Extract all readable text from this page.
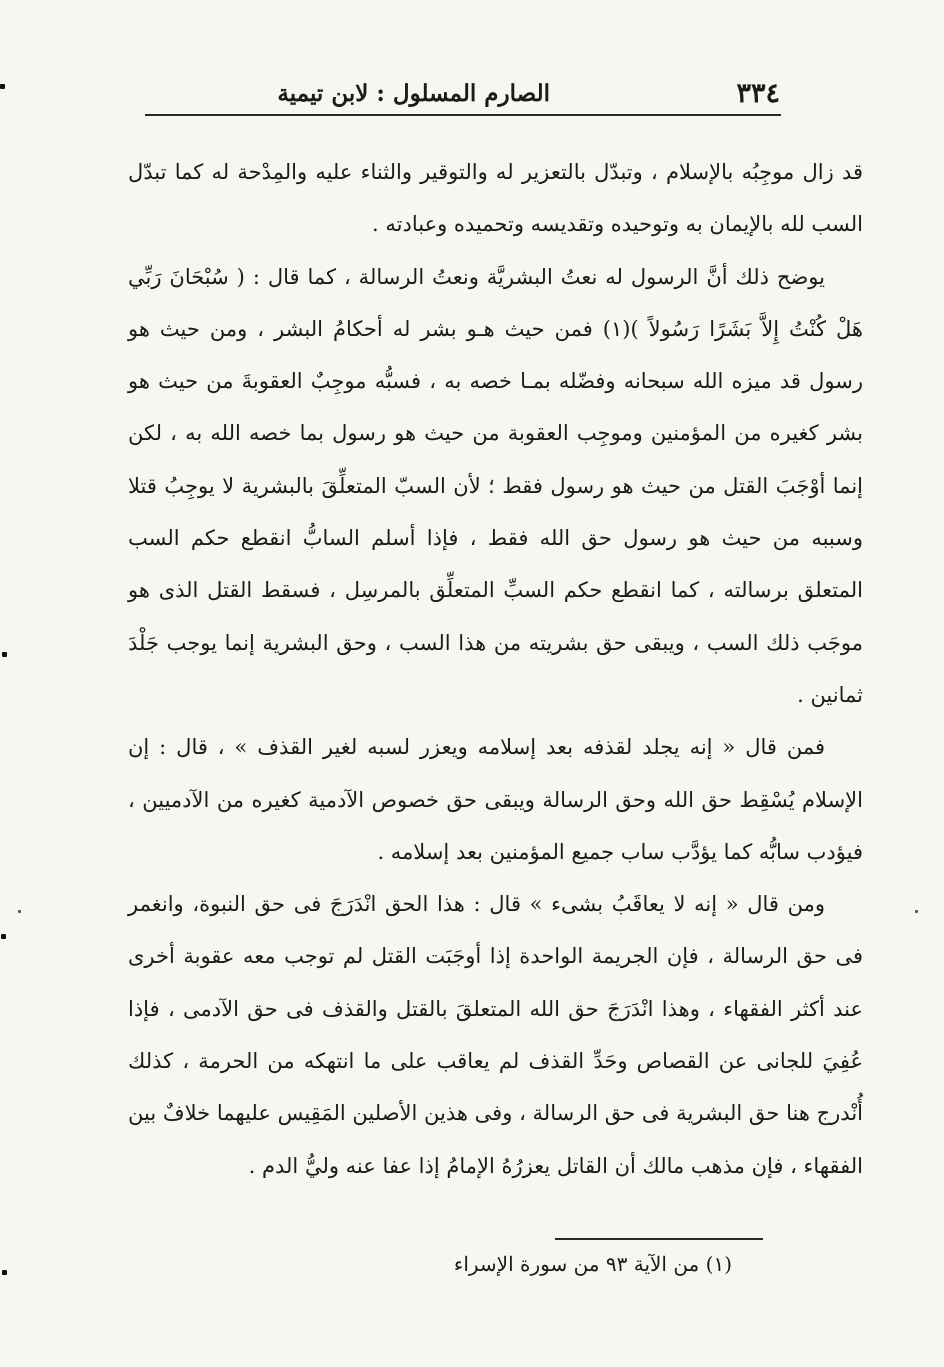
٣٣٤
الصارم المسلول : لابن تيمية

قد زال موجِبُه بالإسلام ، وتبدّل بالتعزير له والتوقير والثناء عليه والمِدْحة له كما تبدّل السب لله بالإيمان به وتوحيده وتقديسه وتحميده وعبادته .

يوضح ذلك أنَّ الرسول له نعتُ البشريَّة ونعتُ الرسالة ، كما قال : ( سُبْحَانَ رَبِّي هَلْ كُنْتُ إِلاَّ بَشَرًا رَسُولاً )(١) فمن حيث هـو بشر له أحكامُ البشر ، ومن حيث هو رسول قد ميزه الله سبحانه وفضّله بمـا خصه به ، فسبُّه موجِبٌ العقوبةَ من حيث هو بشر كغيره من المؤمنين وموجِب العقوبة من حيث هو رسول بما خصه الله به ، لكن إنما أوْجَبَ القتل من حيث هو رسول فقط ؛ لأن السبّ المتعلِّقَ بالبشرية لا يوجِبُ قتلا وسببه من حيث هو رسول حق الله فقط ، فإذا أسلم السابُّ انقطع حكم السب المتعلق برسالته ، كما انقطع حكم السبِّ المتعلِّق بالمرسِل ، فسقط القتل الذى هو موجَب ذلك السب ، ويبقى حق بشريته من هذا السب ، وحق البشرية إنما يوجب جَلْدَ ثمانين .

فمن قال « إنه يجلد لقذفه بعد إسلامه ويعزر لسبه لغير القذف » ، قال : إن الإسلام يُسْقِط حق الله وحق الرسالة ويبقى حق خصوص الآدمية كغيره من الآدميين ، فيؤدب سابُّه كما يؤدَّب ساب جميع المؤمنين بعد إسلامه .

ومن قال « إنه لا يعاقَبُ بشىء » قال : هذا الحق انْدَرَجَ فى حق النبوة، وانغمر فى حق الرسالة ، فإن الجريمة الواحدة إذا أوجَبَت القتل لم توجب معه عقوبة أخرى عند أكثر الفقهاء ، وهذا انْدَرَجَ حق الله المتعلقَ بالقتل والقذف فى حق الآدمى ، فإذا عُفِيَ للجانى عن القصاص وحَدِّ القذف لم يعاقب على ما انتهكه من الحرمة ، كذلك أُنْدرج هنا حق البشرية فى حق الرسالة ، وفى هذين الأصلين المَقِيس عليهما خلافٌ بين الفقهاء ، فإن مذهب مالك أن القاتل يعزرُهُ الإمامُ إذا عفا عنه وليُّ الدم .

(١) من الآية ٩٣ من سورة الإسراء
